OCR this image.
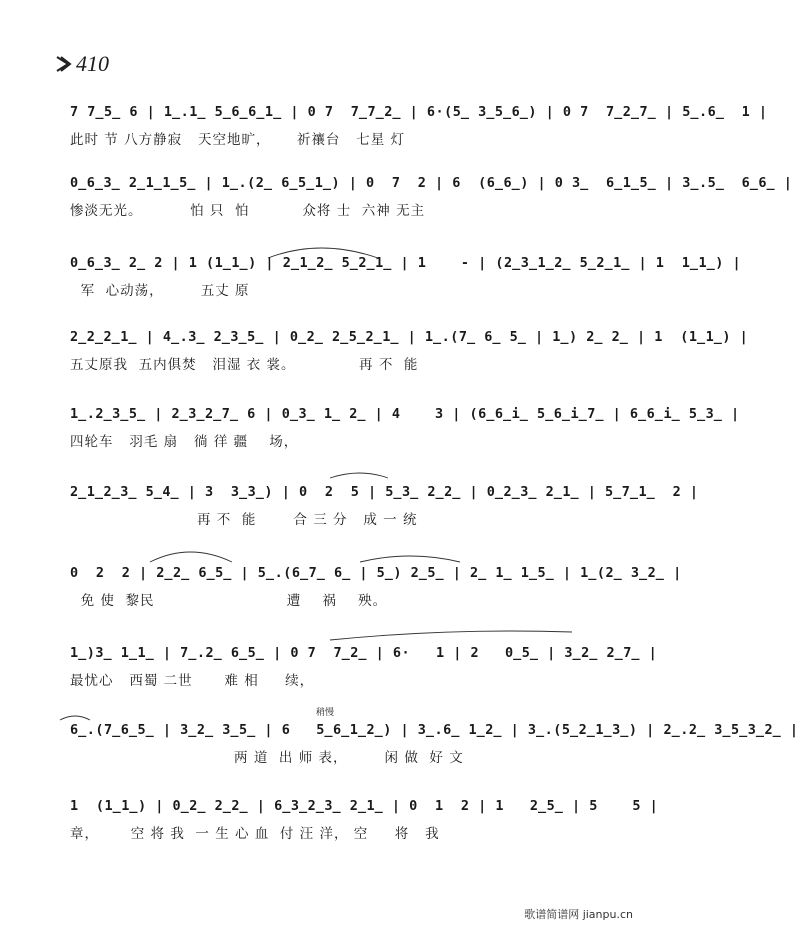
410
7 7̲5̲ 6 | 1̲.1̲ 5̲6̲6̲1̲ | 0 7  7̲7̲2̲ | 6·(5̲ 3̲5̲6̲) | 0 7  7̲2̲7̲ | 5̲.6̲  1 |
此时 节 八方静寂   天空地旷，     祈禳台   七星 灯
0̲6̲3̲ 2̲1̲1̲5̲ | 1̲.(2̲ 6̲5̲1̲) | 0  7  2 | 6  (6̲6̲) | 0 3̲  6̲1̲5̲ | 3̲.5̲  6̲6̲ |
惨淡无光。         怕 只  怕          众将 士  六神 无主
0̲6̲3̲ 2̲ 2 | 1 (1̲1̲) | 2̲1̲2̲ 5̲2̲1̲ | 1    - | (2̲3̲1̲2̲ 5̲2̲1̲ | 1  1̲1̲) |
军  心动荡，       五丈 原
2̲2̲2̲1̲ | 4̲.3̲ 2̲3̲5̲ | 0̲2̲ 2̲5̲2̲1̲ | 1̲.(7̲ 6̲ 5̲ | 1̲) 2̲ 2̲ | 1  (1̲1̲) |
五丈原我  五内俱焚   泪湿 衣 裳。            再 不  能
1̲.2̲3̲5̲ | 2̲3̲2̲7̲ 6 | 0̲3̲ 1̲ 2̲ | 4    3 | (6̲6̲i̲ 5̲6̲i̲7̲ | 6̲6̲i̲ 5̲3̲ |
四轮车   羽毛 扇   徜 徉 疆    场，
2̲1̲2̲3̲ 5̲4̲ | 3  3̲3̲) | 0  2  5 | 5̲3̲ 2̲2̲ | 0̲2̲3̲ 2̲1̲ | 5̲7̲1̲  2 |
再 不  能       合 三 分   成 一 统
0  2  2 | 2̲2̲ 6̲5̲ | 5̲.(6̲7̲ 6̲ | 5̲) 2̲5̲ | 2̲ 1̲ 1̲5̲ | 1̲(2̲ 3̲2̲ |
免 使  黎民                         遭    祸    殃。
1̲)3̲ 1̲1̲ | 7̲.2̲ 6̲5̲ | 0 7  7̲2̲ | 6·   1 | 2   0̲5̲ | 3̲2̲ 2̲7̲ |
最忧心   西蜀 二世      难 相     续，
稍慢
6̲.(7̲6̲5̲ | 3̲2̲ 3̲5̲ | 6   5̲6̲1̲2̲) | 3̲.6̲ 1̲2̲ | 3̲.(5̲2̲1̲3̲) | 2̲.2̲ 3̲5̲3̲2̲ |
两 道  出 师 表，       闲 做  好 文
1  (1̲1̲) | 0̲2̲ 2̲2̲ | 6̲3̲2̲3̲ 2̲1̲ | 0  1  2 | 1   2̲5̲ | 5    5 |
章，      空 将 我  一 生 心 血  付 汪 洋， 空     将   我
歌谱简谱网 jianpu.cn
